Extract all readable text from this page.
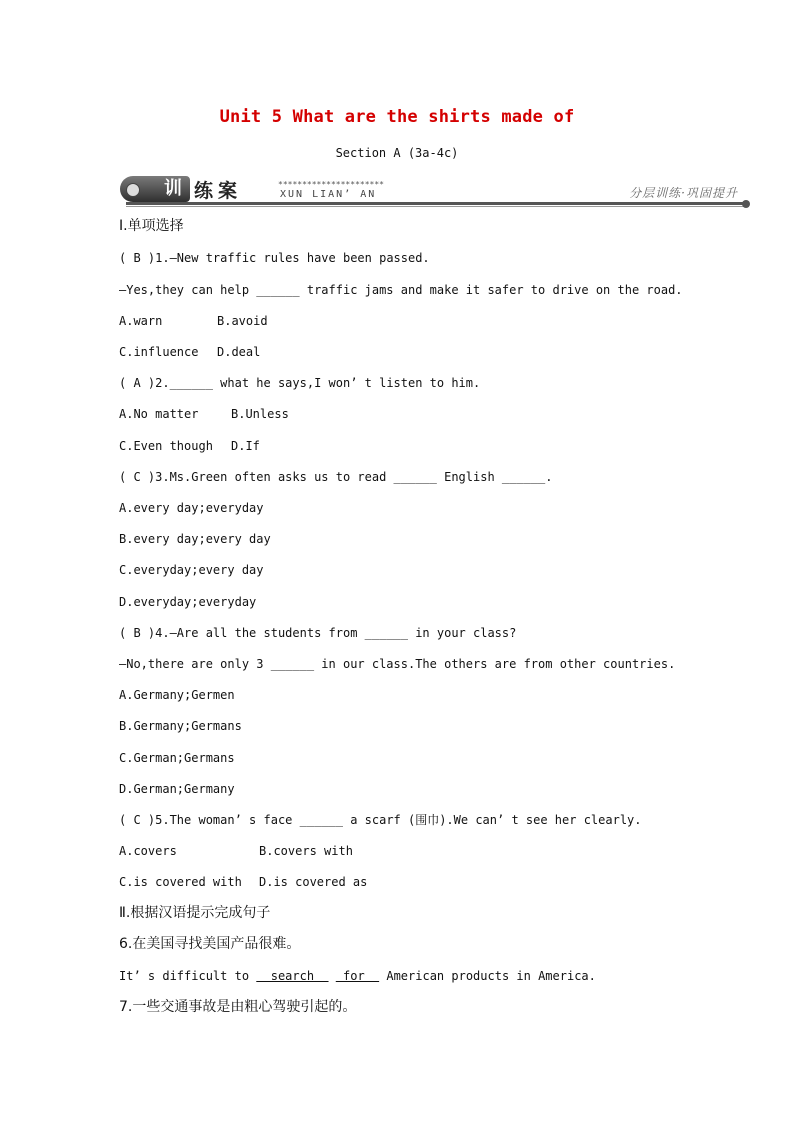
Unit 5 What are the shirts made of
Section A (3a-4c)
训 练案	**********************
XUN LIAN’ AN	分层训练·巩固提升
Ⅰ.单项选择
( B )1.—New traffic rules have been passed.
—Yes,they can help ______ traffic jams and make it safer to drive on the road.
A.warn	B.avoid
C.influence D.deal
( A )2.______ what he says,I won’ t listen to him.
A.No matter	B.Unless
C.Even though D.If
( C )3.Ms.Green often asks us to read ______ English ______.
A.every day;everyday
B.every day;every day
C.everyday;every day
D.everyday;everyday
( B )4.—Are all the students from ______ in your class?
—No,there are only 3 ______ in our class.The others are from other countries.
A.Germany;Germen
B.Germany;Germans
C.German;Germans
D.German;Germany
( C )5.The woman’ s face ______ a scarf (围巾).We can’ t see her clearly.
A.covers	B.covers with
C.is covered with D.is covered as
Ⅱ.根据汉语提示完成句子
6.在美国寻找美国产品很难。
It’ s difficult to   search    for   American products in America.
7.一些交通事故是由粗心驾驶引起的。
